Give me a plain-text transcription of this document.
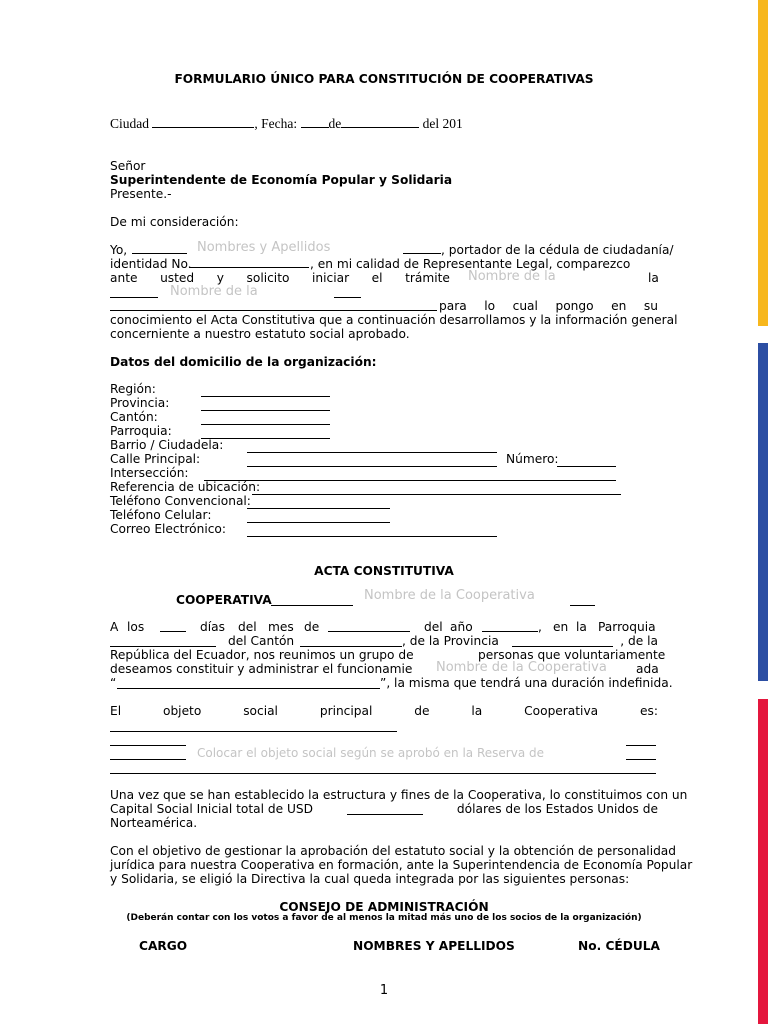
FORMULARIO ÚNICO PARA CONSTITUCIÓN DE COOPERATIVAS
Ciudad	, Fecha: de	del 201
Señor
Superintendente de Economía Popular y Solidaria
Presente.-
De mi consideración:
Yo,	Nombres y Apellidos	, portador de la cédula de ciudadanía/
identidad No.	, en mi calidad de Representante Legal, comparezco
ante usted y solicito iniciar el trámite Nombre de la	la
Nombre de la
para lo cual pongo en su
conocimiento el Acta Constitutiva que a continuación desarrollamos y la información general
concerniente a nuestro estatuto social aprobado.
Datos del domicilio de la organización:
Región:
Provincia:
Cantón:
Parroquia:
Barrio / Ciudadela:
Calle Principal:	Número:
Intersección:
Referencia de ubicación:
Teléfono Convencional:
Teléfono Celular:
Correo Electrónico:
ACTA CONSTITUTIVA
COOPERATIVA	Nombre de la Cooperativa
A los	días del mes de	del año	, en la Parroquia
del Cantón	, de la Provincia	, de la
República del Ecuador, nos reunimos un grupo de	personas que voluntariamente
deseamos constituir y administrar el funcionamie Nombre de la Cooperativa ada
“	”, la misma que tendrá una duración indefinida.
El	objeto	social	principal	de	la	Cooperativa	es:
Colocar el objeto social según se aprobó en la Reserva de
Una vez que se han establecido la estructura y fines de la Cooperativa, lo constituimos con un
Capital Social Inicial total de USD	dólares de los Estados Unidos de
Norteamérica.
Con el objetivo de gestionar la aprobación del estatuto social y la obtención de personalidad
jurídica para nuestra Cooperativa en formación, ante la Superintendencia de Economía Popular
y Solidaria, se eligió la Directiva la cual queda integrada por las siguientes personas:
CONSEJO DE ADMINISTRACIÓN
(Deberán contar con los votos a favor de al menos la mitad más uno de los socios de la organización)
CARGO	NOMBRES Y APELLIDOS	No. CÉDULA
1
